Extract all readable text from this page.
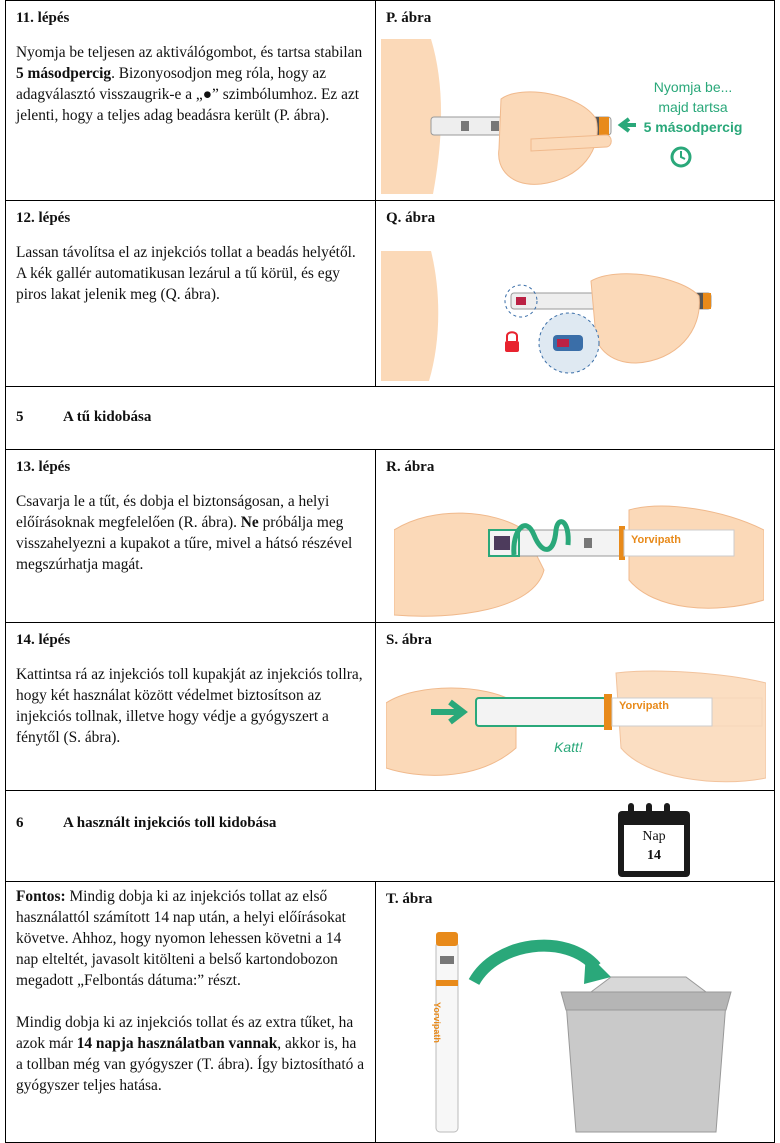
11. lépés

Nyomja be teljesen az aktiválógombot, és tartsa stabilan 5 másodpercig. Bizonyosodjon meg róla, hogy az adagválasztó visszaugrik-e a „●” szimbólumhoz. Ez azt jelenti, hogy a teljes adag beadásra került (P. ábra).

P. ábra

Nyomja be...
majd tartsa
5 másodpercig

12. lépés

Lassan távolítsa el az injekciós tollat a beadás helyétől. A kék gallér automatikusan lezárul a tű körül, és egy piros lakat jelenik meg (Q. ábra).

Q. ábra

5	A tű kidobása

13. lépés

Csavarja le a tűt, és dobja el biztonságosan, a helyi előírásoknak megfelelően (R. ábra). Ne próbálja meg visszahelyezni a kupakot a tűre, mivel a hátsó részével megszúrhatja magát.

R. ábra

Yorvipath

14. lépés

Kattintsa rá az injekciós toll kupakját az injekciós tollra, hogy két használat között védelmet biztosítson az injekciós tollnak, illetve hogy védje a gyógyszert a fénytől (S. ábra).

S. ábra

Yorvipath
Katt!
6	A használt injekciós toll kidobása
Nap
14

Fontos: Mindig dobja ki az injekciós tollat az első használattól számított 14 nap után, a helyi előírásokat követve. Ahhoz, hogy nyomon lehessen követni a 14 nap elteltét, javasolt kitölteni a belső kartondobozon megadott „Felbontás dátuma:” részt.

Mindig dobja ki az injekciós tollat és az extra tűket, ha azok már 14 napja használatban vannak, akkor is, ha a tollban még van gyógyszer (T. ábra). Így biztosítható a gyógyszer teljes hatása.

T. ábra

Yorvipath
